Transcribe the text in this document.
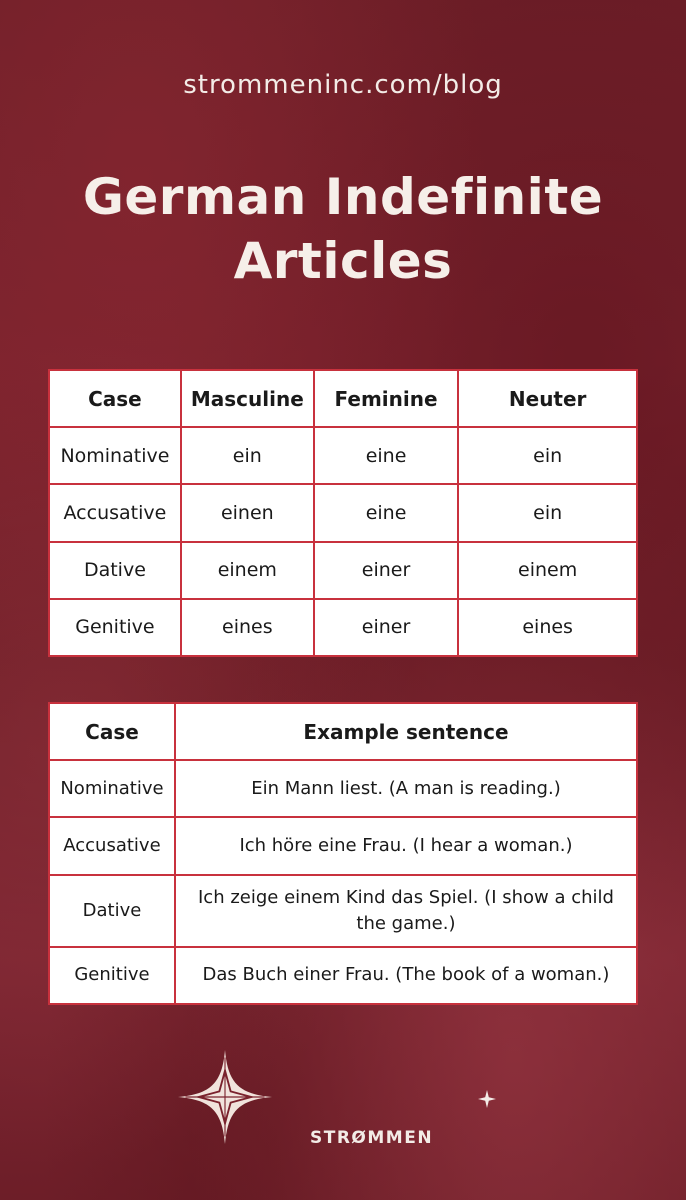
strommeninc.com/blog
German Indefinite
Articles
Case	Masculine	Feminine	Neuter
Nominative	ein	eine	ein
Accusative	einen	eine	ein
Dative	einem	einer	einem
Genitive	eines	einer	eines
Case	Example sentence
Nominative	Ein Mann liest. (A man is reading.)
Accusative	Ich höre eine Frau. (I hear a woman.)
Dative	Ich zeige einem Kind das Spiel. (I show a child the game.)
Genitive	Das Buch einer Frau. (The book of a woman.)
STRØMMEN
